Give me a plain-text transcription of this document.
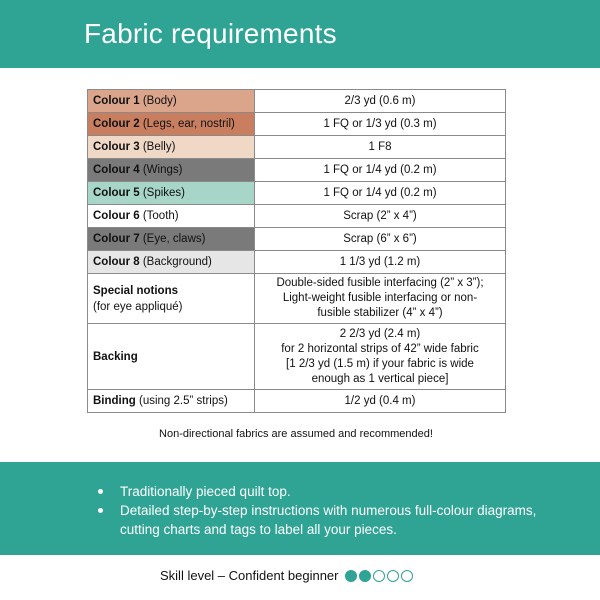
Fabric requirements
Colour 1 (Body)	2/3 yd (0.6 m)
Colour 2 (Legs, ear, nostril)	1 FQ or 1/3 yd (0.3 m)
Colour 3 (Belly)	1 F8
Colour 4 (Wings)	1 FQ or 1/4 yd (0.2 m)
Colour 5 (Spikes)	1 FQ or 1/4 yd (0.2 m)
Colour 6 (Tooth)	Scrap (2” x 4”)
Colour 7 (Eye, claws)	Scrap (6” x 6”)
Colour 8 (Background)	1 1/3 yd (1.2 m)
Special notions
(for eye appliqué)	Double-sided fusible interfacing (2” x 3”);
Light-weight fusible interfacing or non-
fusible stabilizer (4” x 4”)
Backing	2 2/3 yd (2.4 m)
for 2 horizontal strips of 42” wide fabric
[1 2/3 yd (1.5 m) if your fabric is wide
enough as 1 vertical piece]
Binding (using 2.5” strips)	1/2 yd (0.4 m)
Non-directional fabrics are assumed and recommended!
Traditionally pieced quilt top.
Detailed step-by-step instructions with numerous full-colour diagrams, cutting charts and tags to label all your pieces.
Skill level – Confident beginner
